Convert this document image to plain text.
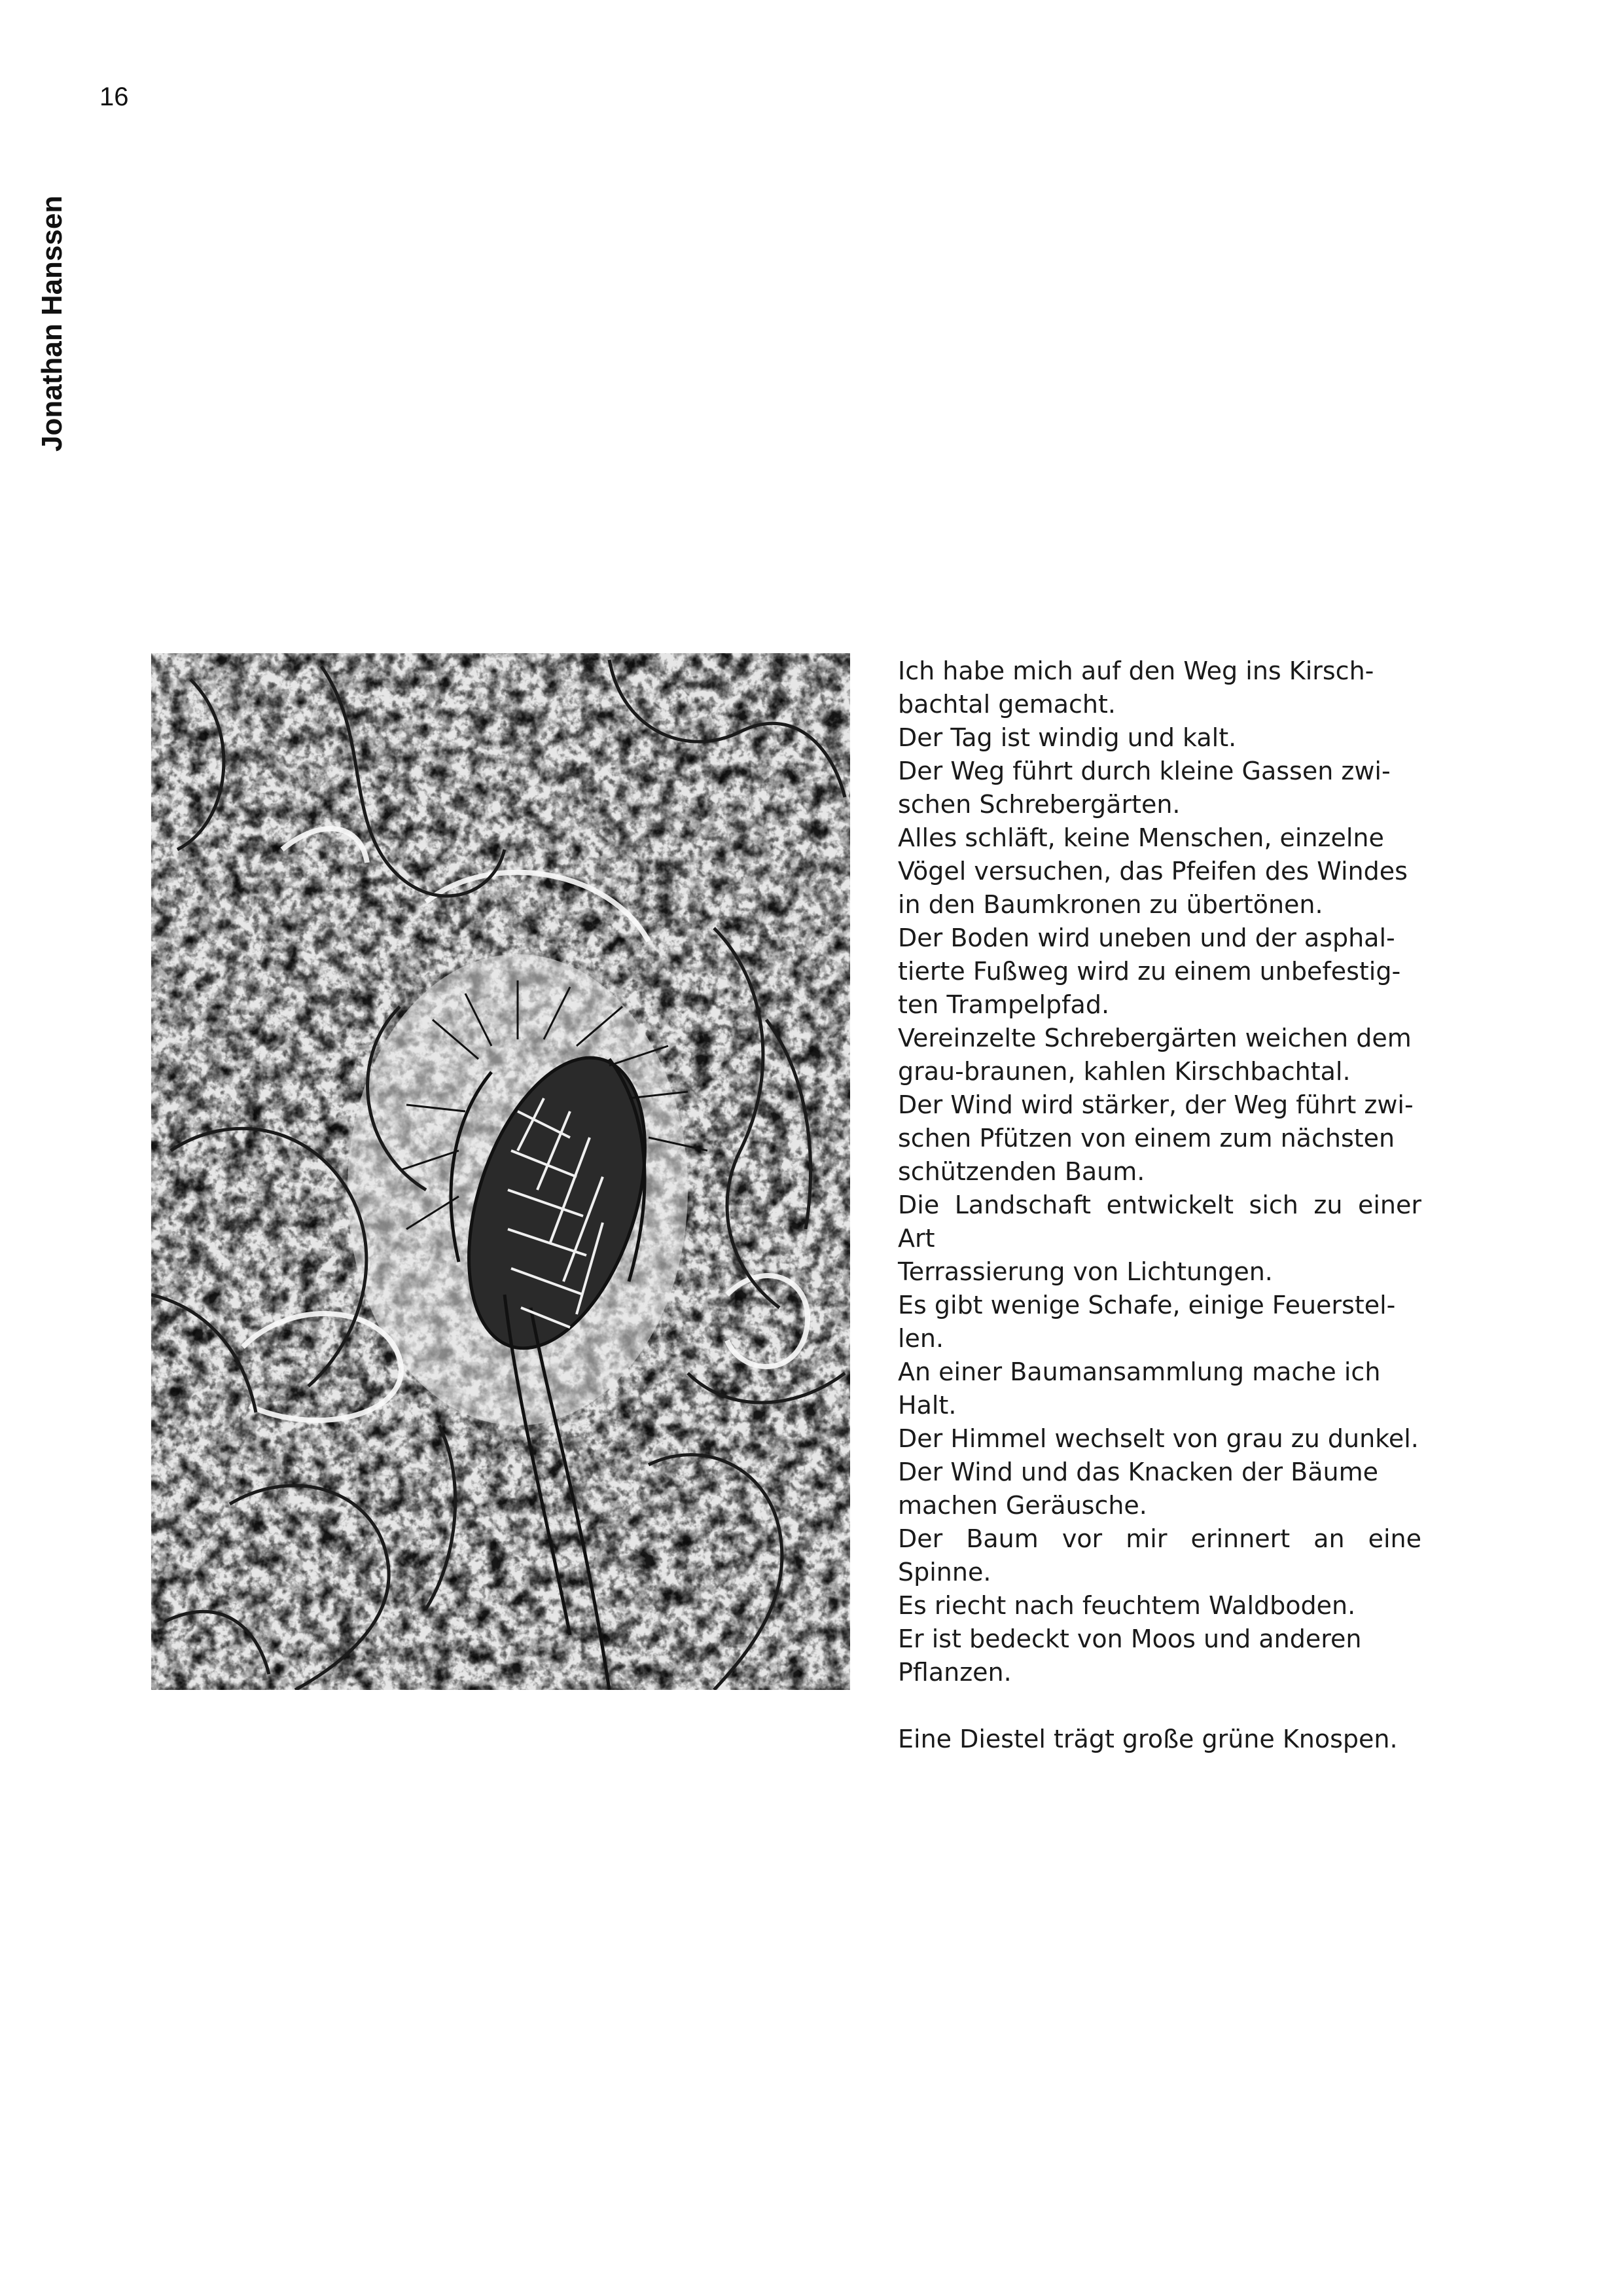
16
Jonathan Hanssen

Ich habe mich auf den Weg ins Kirsch-

bachtal gemacht.

Der Tag ist windig und kalt.

Der Weg führt durch kleine Gassen zwi-

schen Schrebergärten.

Alles schläft, keine Menschen, einzelne

Vögel versuchen, das Pfeifen des Windes

in den Baumkronen zu übertönen.

Der Boden wird uneben und der asphal-

tierte Fußweg wird zu einem unbefestig-

ten Trampelpfad.

Vereinzelte Schrebergärten weichen dem

grau-braunen, kahlen Kirschbachtal.

Der Wind wird stärker, der Weg führt zwi-

schen Pfützen von einem zum nächsten

schützenden Baum.

Die Landschaft entwickelt sich zu einer Art

Terrassierung von Lichtungen.

Es gibt wenige Schafe, einige Feuerstel-

len.

An einer Baumansammlung mache ich

Halt.

Der Himmel wechselt von grau zu dunkel.

Der Wind und das Knacken der Bäume

machen Geräusche.

Der Baum vor mir erinnert an eine Spinne.

Es riecht nach feuchtem Waldboden.

Er ist bedeckt von Moos und anderen

Pflanzen.

Eine Diestel trägt große grüne Knospen.
